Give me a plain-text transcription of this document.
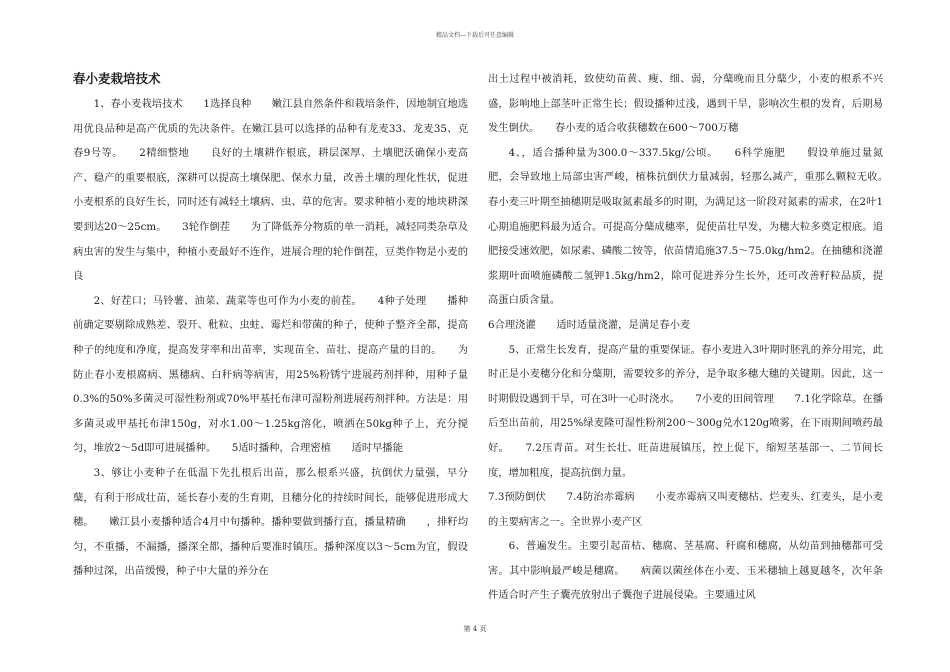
精品文档---下载后可任意编辑
春小麦栽培技术

1、春小麦栽培技术　　1选择良种　　嫩江县自然条件和栽培条件，因地制宜地选用优良品种是高产优质的先决条件。在嫩江县可以选择的品种有龙麦33、龙麦35、克春9号等。　　2精细整地　　良好的土壤耕作根底，耕层深厚、土壤肥沃确保小麦高产、稳产的重要根底，深耕可以提高土壤保肥、保水力量，改善土壤的理化性状，促进小麦根系的良好生长，同时还有减轻土壤病、虫、草的危害。要求种植小麦的地块耕深要到达20～25cm。　　3轮作倒茬　　为了降低养分物质的单一消耗，减轻同类杂草及病虫害的发生与集中，种植小麦最好不连作，进展合理的轮作倒茬，豆类作物是小麦的良

2、好茬口；马铃薯、油菜、蔬菜等也可作为小麦的前茬。　　4种子处理　　播种前确定要剔除成熟差、裂开、秕粒、虫蛀、霉烂和带菌的种子，使种子整齐全都，提高种子的纯度和净度，提高发芽率和出苗率，实现苗全、苗壮、提高产量的目的。　　为防止春小麦根腐病、黑穗病、白秆病等病害，用25%粉锈宁进展药剂拌种，用种子量0.3%的50%多菌灵可湿性粉剂或70%甲基托布津可湿粉剂进展药剂拌种。方法是：用多菌灵或甲基托布津150g，对水1.00～1.25kg溶化，喷洒在50kg种子上，充分搅匀，堆放2～5d即可进展播种。　　5适时播种，合理密植　　适时早播能

3、够让小麦种子在低温下先扎根后出苗，那么根系兴盛，抗倒伏力量强，早分蘖，有利于形成壮苗，延长春小麦的生育期，且穗分化的持续时间长，能够促进形成大穗。　　嫩江县小麦播种适合4月中旬播种。播种要做到播行直，播量精确　　，排籽均匀，不重播，不漏播，播深全都，播种后要准时镇压。播种深度以3～5cm为宜，假设播种过深，出苗缓慢，种子中大量的养分在

出土过程中被消耗，致使幼苗黄、瘦、细、弱，分蘖晚而且分蘖少，小麦的根系不兴盛，影响地上部茎叶正常生长；假设播种过浅，遇到干旱，影响次生根的发育，后期易发生倒伏。　　春小麦的适合收获穗数在600～700万穗

4、，适合播种量为300.0～337.5kg/公顷。　　6科学施肥　　假设单施过量氮肥，会导致地上局部虫害严峻，植株抗倒伏力量减弱，轻那么减产，重那么颗粒无收。　　春小麦三叶期至抽穗期是吸取氮素最多的时期，为满足这一阶段对氮素的需求，在2叶1心期追施肥料最为适合。可提高分蘖成穗率，促使苗壮早发，为穗大粒多奠定根底。追肥接受速效肥，如尿素、磷酸二铵等，依苗情追施37.5～75.0kg/hm2。在抽穗和浇灌浆期叶面喷施磷酸二氢钾1.5kg/hm2，除可促进养分生长外，还可改善籽粒品质，提高蛋白质含量。

6合理浇灌　　适时适量浇灌，是满足春小麦

5、正常生长发育，提高产量的重要保证。春小麦进入3叶期时胚乳的养分用完，此时正是小麦穗分化和分蘖期，需要较多的养分，是争取多穗大穗的关键期。因此，这一时期假设遇到干旱，可在3叶一心时浇水。　　7小麦的田间管理　　7.1化学除草。在播后至出苗前，用25%绿麦隆可湿性粉剂200～300g兑水120g喷雾，在下雨期间喷药最好。　　7.2压青苗。对生长壮、旺苗进展镇压，控上促下，缩短茎基部一、二节间长度，增加粗度，提高抗倒力量。

7.3预防倒伏　　7.4防治赤霉病　　小麦赤霉病又叫麦穗枯、烂麦头、红麦头，是小麦的主要病害之一。全世界小麦产区

6、普遍发生。主要引起苗枯、穗腐、茎基腐、秆腐和穗腐，从幼苗到抽穗都可受害。其中影响最严峻是穗腐。　　病菌以菌丝体在小麦、玉米穗轴上越夏越冬，次年条件适合时产生子囊壳放射出子囊孢子进展侵染。主要通过风

第 4 页
